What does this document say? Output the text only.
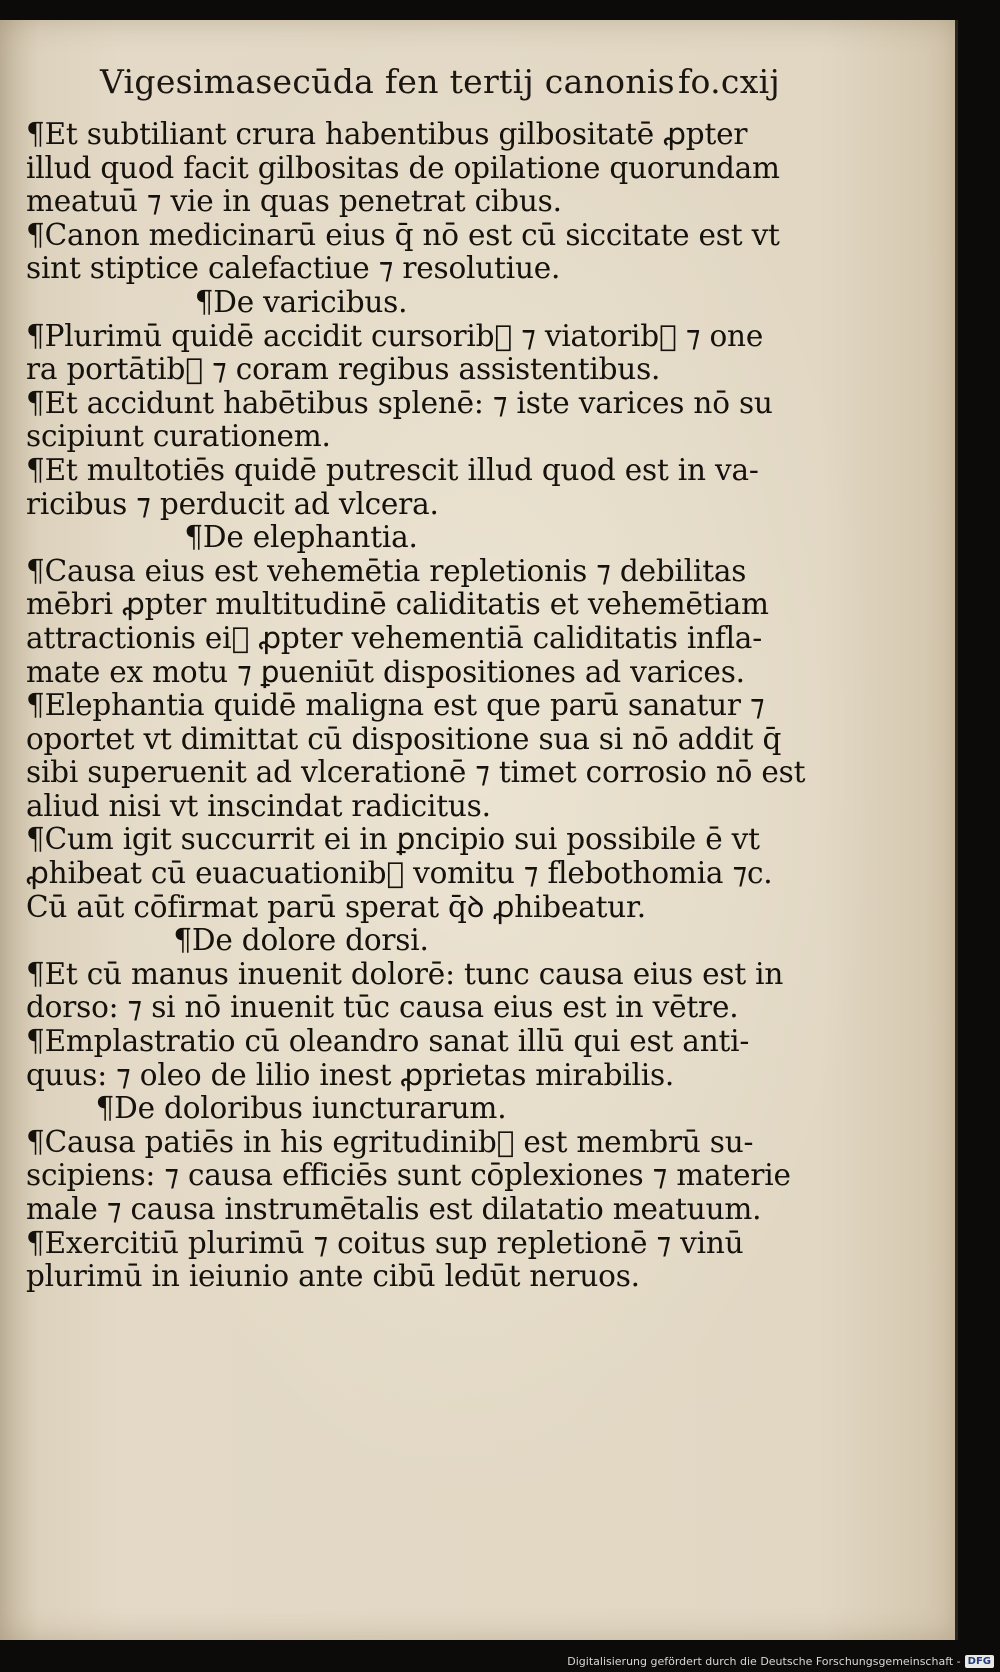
Vigesimasecūda fen tertij canonis fo.cxij
¶Et subtiliant crura habentibus gilbositatē ꝓpter
illud quod facit gilbositas de opilatione quorundam
meatuū ⁊ vie in quas penetrat cibus.
¶Canon medicinarū eius q̄ nō est cū siccitate est vt
sint stiptice calefactiue ⁊ resolutiue.
¶De varicibus.
¶Plurimū quidē accidit cursorib᷒ ⁊ viatorib᷒ ⁊ one
ra portātib᷒ ⁊ coram regibus assistentibus.
¶Et accidunt habētibus splenē: ⁊ iste varices nō su
scipiunt curationem.
¶Et multotiēs quidē putrescit illud quod est in va-
ricibus ⁊ perducit ad vlcera.
¶De elephantia.
¶Causa eius est vehemētia repletionis ⁊ debilitas
mēbri ꝓpter multitudinē caliditatis et vehemētiam
attractionis ei᷒ ꝓpter vehementiā caliditatis infla-
mate ex motu ⁊ ꝑueniūt dispositiones ad varices.
¶Elephantia quidē maligna est que parū sanatur ⁊
oportet vt dimittat cū dispositione sua si nō addit q̄
sibi superuenit ad vlcerationē ⁊ timet corrosio nō est
aliud nisi vt inscindat radicitus.
¶Cum igit succurrit ei in ꝑncipio sui possibile ē vt
ꝓhibeat cū euacuationib᷒ vomitu ⁊ flebothomia ⁊c.
Cū aūt cōfirmat parū sperat q̄ꝺ ꝓhibeatur.
¶De dolore dorsi.
¶Et cū manus inuenit dolorē: tunc causa eius est in
dorso: ⁊ si nō inuenit tūc causa eius est in vētre.
¶Emplastratio cū oleandro sanat illū qui est anti-
quus: ⁊ oleo de lilio inest ꝓprietas mirabilis.
¶De doloribus iuncturarum.
¶Causa patiēs in his egritudinib᷒ est membrū su-
scipiens: ⁊ causa efficiēs sunt cōplexiones ⁊ materie
male ⁊ causa instrumētalis est dilatatio meatuum.
¶Exercitiū plurimū ⁊ coitus sup repletionē ⁊ vinū
plurimū in ieiunio ante cibū ledūt neruos.
Digitalisierung gefördert durch die Deutsche Forschungsgemeinschaft - DFG
